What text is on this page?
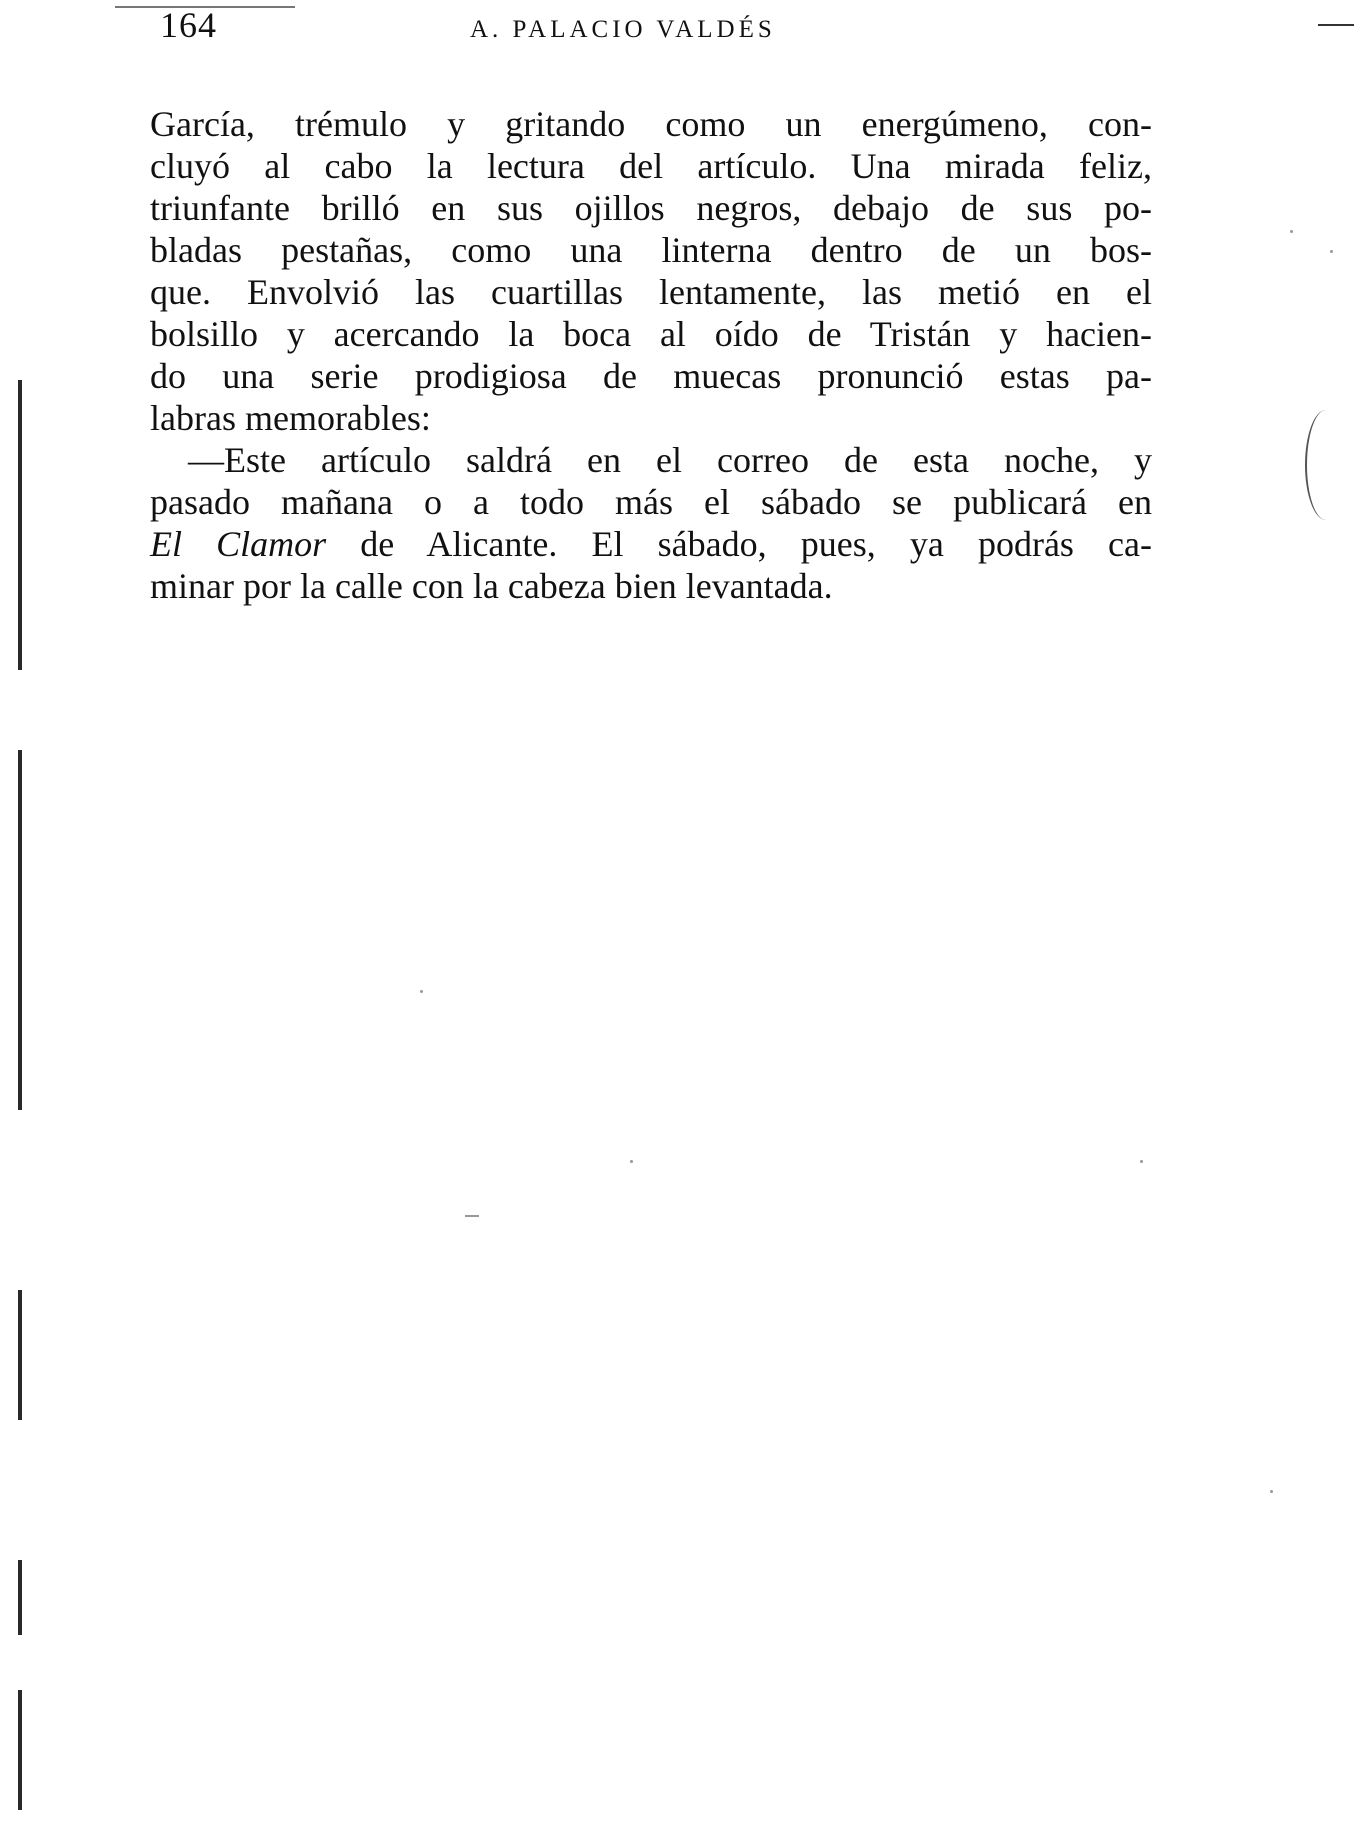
164	A. PALACIO VALDÉS
García, trémulo y gritando como un energúmeno, con-
cluyó al cabo la lectura del artículo. Una mirada feliz,
triunfante brilló en sus ojillos negros, debajo de sus po-
bladas pestañas, como una linterna dentro de un bos-
que. Envolvió las cuartillas lentamente, las metió en el
bolsillo y acercando la boca al oído de Tristán y hacien-
do una serie prodigiosa de muecas pronunció estas pa-
labras memorables:
—Este artículo saldrá en el correo de esta noche, y
pasado mañana o a todo más el sábado se publicará en
El Clamor de Alicante. El sábado, pues, ya podrás ca-
minar por la calle con la cabeza bien levantada.
